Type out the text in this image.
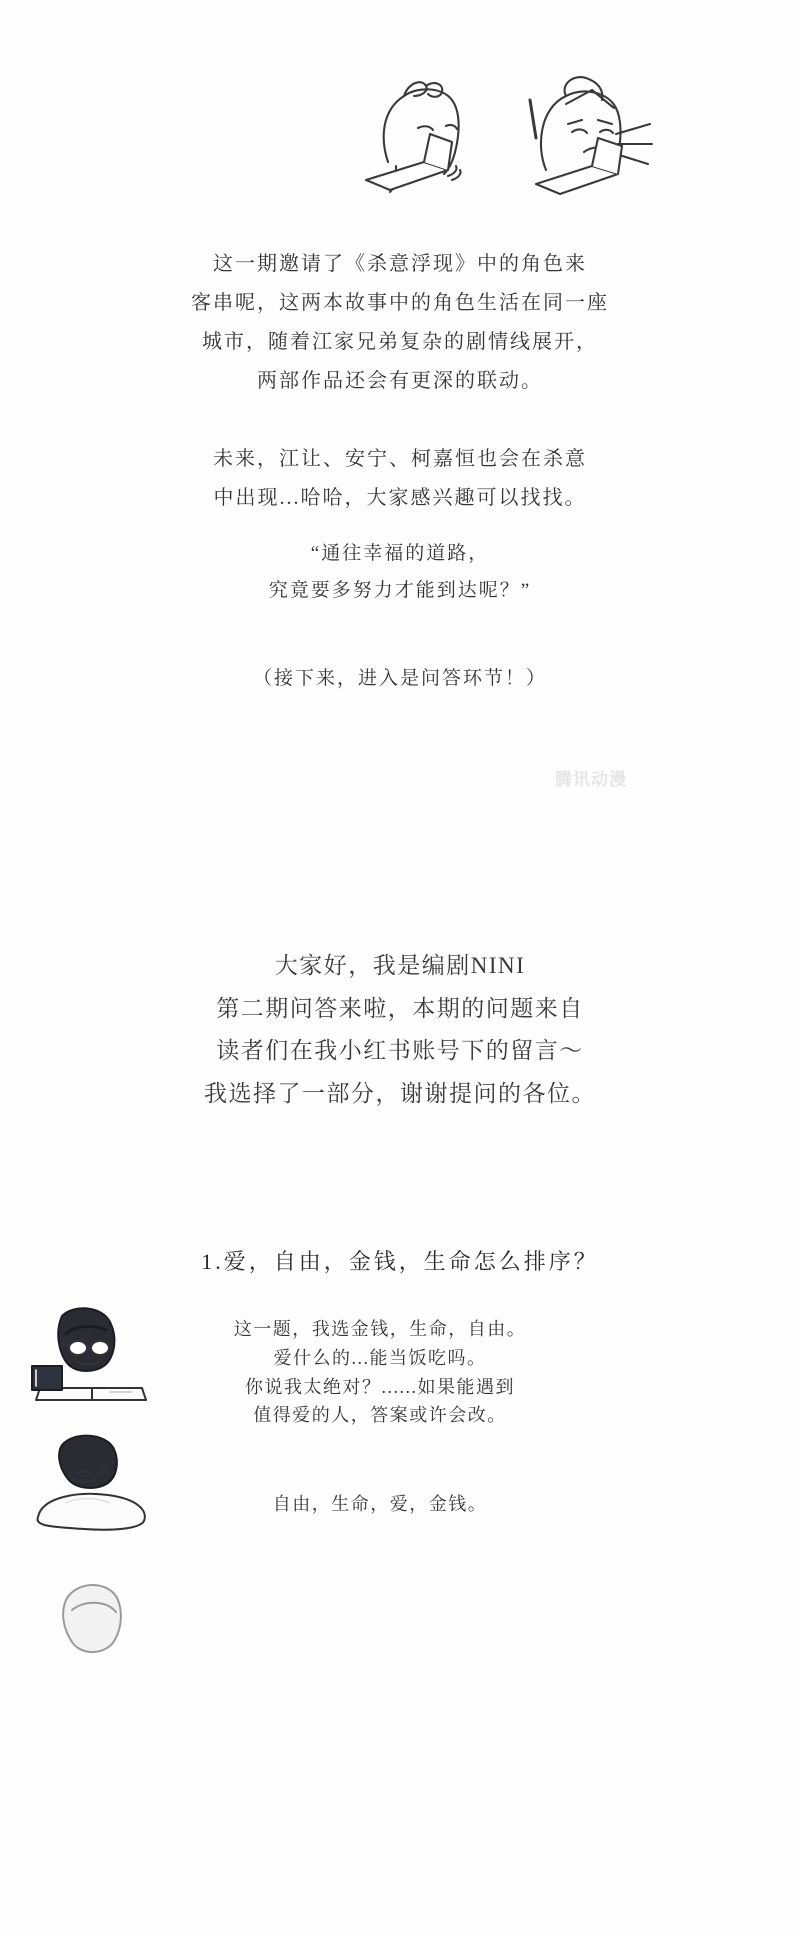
这一期邀请了《杀意浮现》中的角色来

客串呢，这两本故事中的角色生活在同一座

城市，随着江家兄弟复杂的剧情线展开，

两部作品还会有更深的联动。

未来，江让、安宁、柯嘉恒也会在杀意

中出现...哈哈，大家感兴趣可以找找。

“通往幸福的道路，

究竟要多努力才能到达呢？”

（接下来，进入是问答环节！）

腾讯动漫

大家好，我是编剧NINI

第二期问答来啦，本期的问题来自

读者们在我小红书账号下的留言～

我选择了一部分，谢谢提问的各位。

1.爱，自由，金钱，生命怎么排序？

这一题，我选金钱，生命，自由。

爱什么的...能当饭吃吗。

你说我太绝对？......如果能遇到

值得爱的人，答案或许会改。

自由，生命，爱，金钱。
